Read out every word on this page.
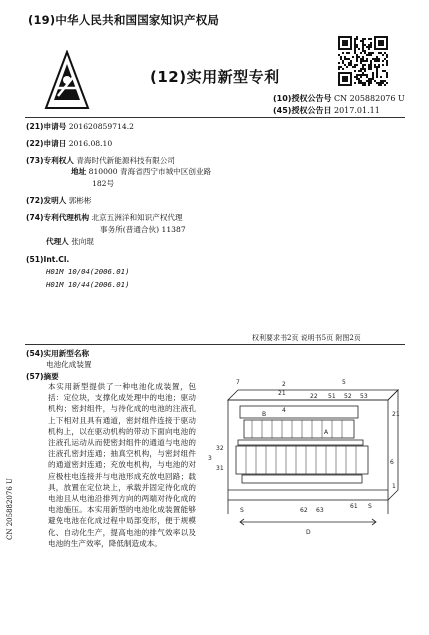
(19)中华人民共和国国家知识产权局
(12)实用新型专利
(10)授权公告号 CN 205882076 U
(45)授权公告日 2017.01.11
(21)申请号 201620859714.2
(22)申请日 2016.08.10
(73)专利权人 青海时代新能源科技有限公司
地址 810000 青海省西宁市城中区创业路
182号
(72)发明人 郭彬彬
(74)专利代理机构 北京五洲洋和知识产权代理
事务所(普通合伙) 11387
代理人 张向琨
(51)Int.Cl.
H01M 10/04(2006.01)
H01M 10/44(2006.01)
权利要求书2页 说明书5页 附图2页
(54)实用新型名称
电池化成装置
(57)摘要
本实用新型提供了一种电池化成装置，包括：定位块，支撑化成处理中的电池；驱动机构；密封组件，与待化成的电池的注液孔上下相对且具有通道，密封组件连接于驱动机构上，以在驱动机构的带动下面向电池的注液孔运动从而使密封组件的通道与电池的注液孔密封连通；抽真空机构，与密封组件的通道密封连通；充放电机构，与电池的对应极柱电连接并与电池形成充放电回路；载具，放置在定位块上，承载并固定待化成的电池且从电池沿排列方向的两端对待化成的电池施压。本实用新型的电池化成装置能够避免电池在化成过程中局部变形，便于规模化、自动化生产，提高电池的排气效率以及电池的生产效率，降低制造成本。
CN 205882076 U
7	2
21	22 51
5
52 53
4
21
B
A
6
32
3
31
1
S	62 63
61 S
D
